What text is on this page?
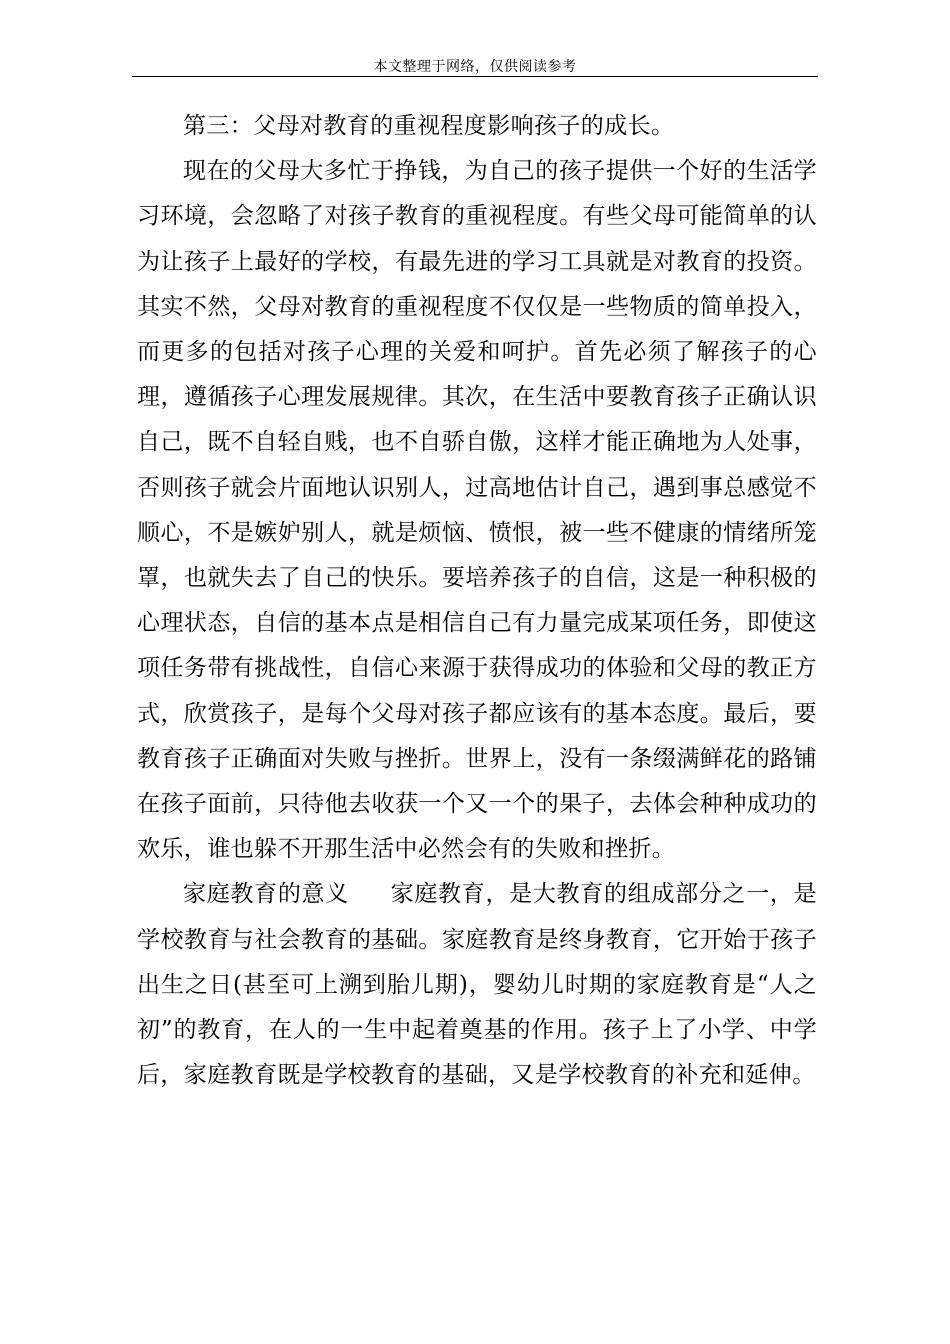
本文整理于网络，仅供阅读参考

第三：父母对教育的重视程度影响孩子的成长。

现在的父母大多忙于挣钱，为自己的孩子提供一个好的生活学习环境，会忽略了对孩子教育的重视程度。有些父母可能简单的认为让孩子上最好的学校，有最先进的学习工具就是对教育的投资。其实不然，父母对教育的重视程度不仅仅是一些物质的简单投入，而更多的包括对孩子心理的关爱和呵护。首先必须了解孩子的心理，遵循孩子心理发展规律。其次，在生活中要教育孩子正确认识自己，既不自轻自贱，也不自骄自傲，这样才能正确地为人处事，否则孩子就会片面地认识别人，过高地估计自己，遇到事总感觉不顺心，不是嫉妒别人，就是烦恼、愤恨，被一些不健康的情绪所笼罩，也就失去了自己的快乐。要培养孩子的自信，这是一种积极的心理状态，自信的基本点是相信自己有力量完成某项任务，即使这项任务带有挑战性，自信心来源于获得成功的体验和父母的教正方式，欣赏孩子，是每个父母对孩子都应该有的基本态度。最后，要教育孩子正确面对失败与挫折。世界上，没有一条缀满鲜花的路铺在孩子面前，只待他去收获一个又一个的果子，去体会种种成功的欢乐，谁也躲不开那生活中必然会有的失败和挫折。

家庭教育的意义 家庭教育，是大教育的组成部分之一，是学校教育与社会教育的基础。家庭教育是终身教育，它开始于孩子出生之日(甚至可上溯到胎儿期)，婴幼儿时期的家庭教育是“人之初”的教育，在人的一生中起着奠基的作用。孩子上了小学、中学后，家庭教育既是学校教育的基础，又是学校教育的补充和延伸。
